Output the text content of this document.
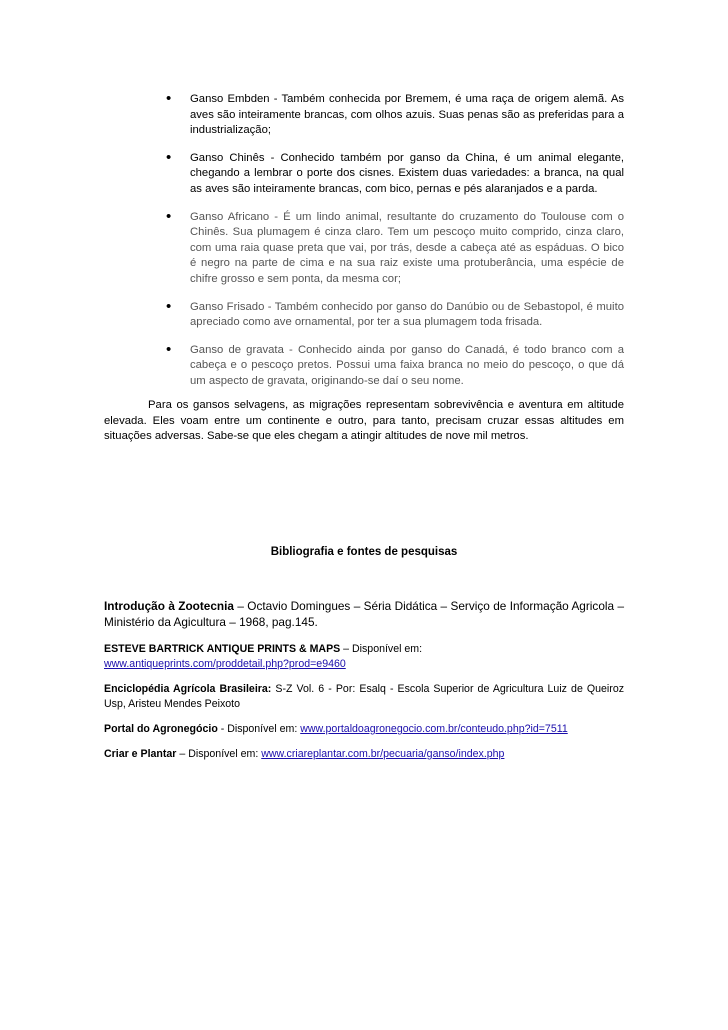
• Ganso Embden - Também conhecida por Bremem, é uma raça de origem alemã. As aves são inteiramente brancas, com olhos azuis. Suas penas são as preferidas para a industrialização;
• Ganso Chinês - Conhecido também por ganso da China, é um animal elegante, chegando a lembrar o porte dos cisnes. Existem duas variedades: a branca, na qual as aves são inteiramente brancas, com bico, pernas e pés alaranjados e a parda.
• Ganso Africano - É um lindo animal, resultante do cruzamento do Toulouse com o Chinês. Sua plumagem é cinza claro. Tem um pescoço muito comprido, cinza claro, com uma raia quase preta que vai, por trás, desde a cabeça até as espáduas. O bico é negro na parte de cima e na sua raiz existe uma protuberância, uma espécie de chifre grosso e sem ponta, da mesma cor;
• Ganso Frisado - Também conhecido por ganso do Danúbio ou de Sebastopol, é muito apreciado como ave ornamental, por ter a sua plumagem toda frisada.
• Ganso de gravata - Conhecido ainda por ganso do Canadá, é todo branco com a cabeça e o pescoço pretos. Possui uma faixa branca no meio do pescoço, o que dá um aspecto de gravata, originando-se daí o seu nome.

Para os gansos selvagens, as migrações representam sobrevivência e aventura em altitude elevada. Eles voam entre um continente e outro, para tanto, precisam cruzar essas altitudes em situações adversas. Sabe-se que eles chegam a atingir altitudes de nove mil metros.

Bibliografia e fontes de pesquisas

Introdução à Zootecnia – Octavio Domingues – Séria Didática – Serviço de Informação Agricola – Ministério da Agicultura – 1968, pag.145.

ESTEVE BARTRICK ANTIQUE PRINTS & MAPS – Disponível em:
www.antiqueprints.com/proddetail.php?prod=e9460

Enciclopédia Agrícola Brasileira: S-Z Vol. 6 - Por: Esalq - Escola Superior de Agricultura Luiz de Queiroz Usp, Aristeu Mendes Peixoto

Portal do Agronegócio - Disponível em: www.portaldoagronegocio.com.br/conteudo.php?id=7511

Criar e Plantar – Disponível em: www.criareplantar.com.br/pecuaria/ganso/index.php
